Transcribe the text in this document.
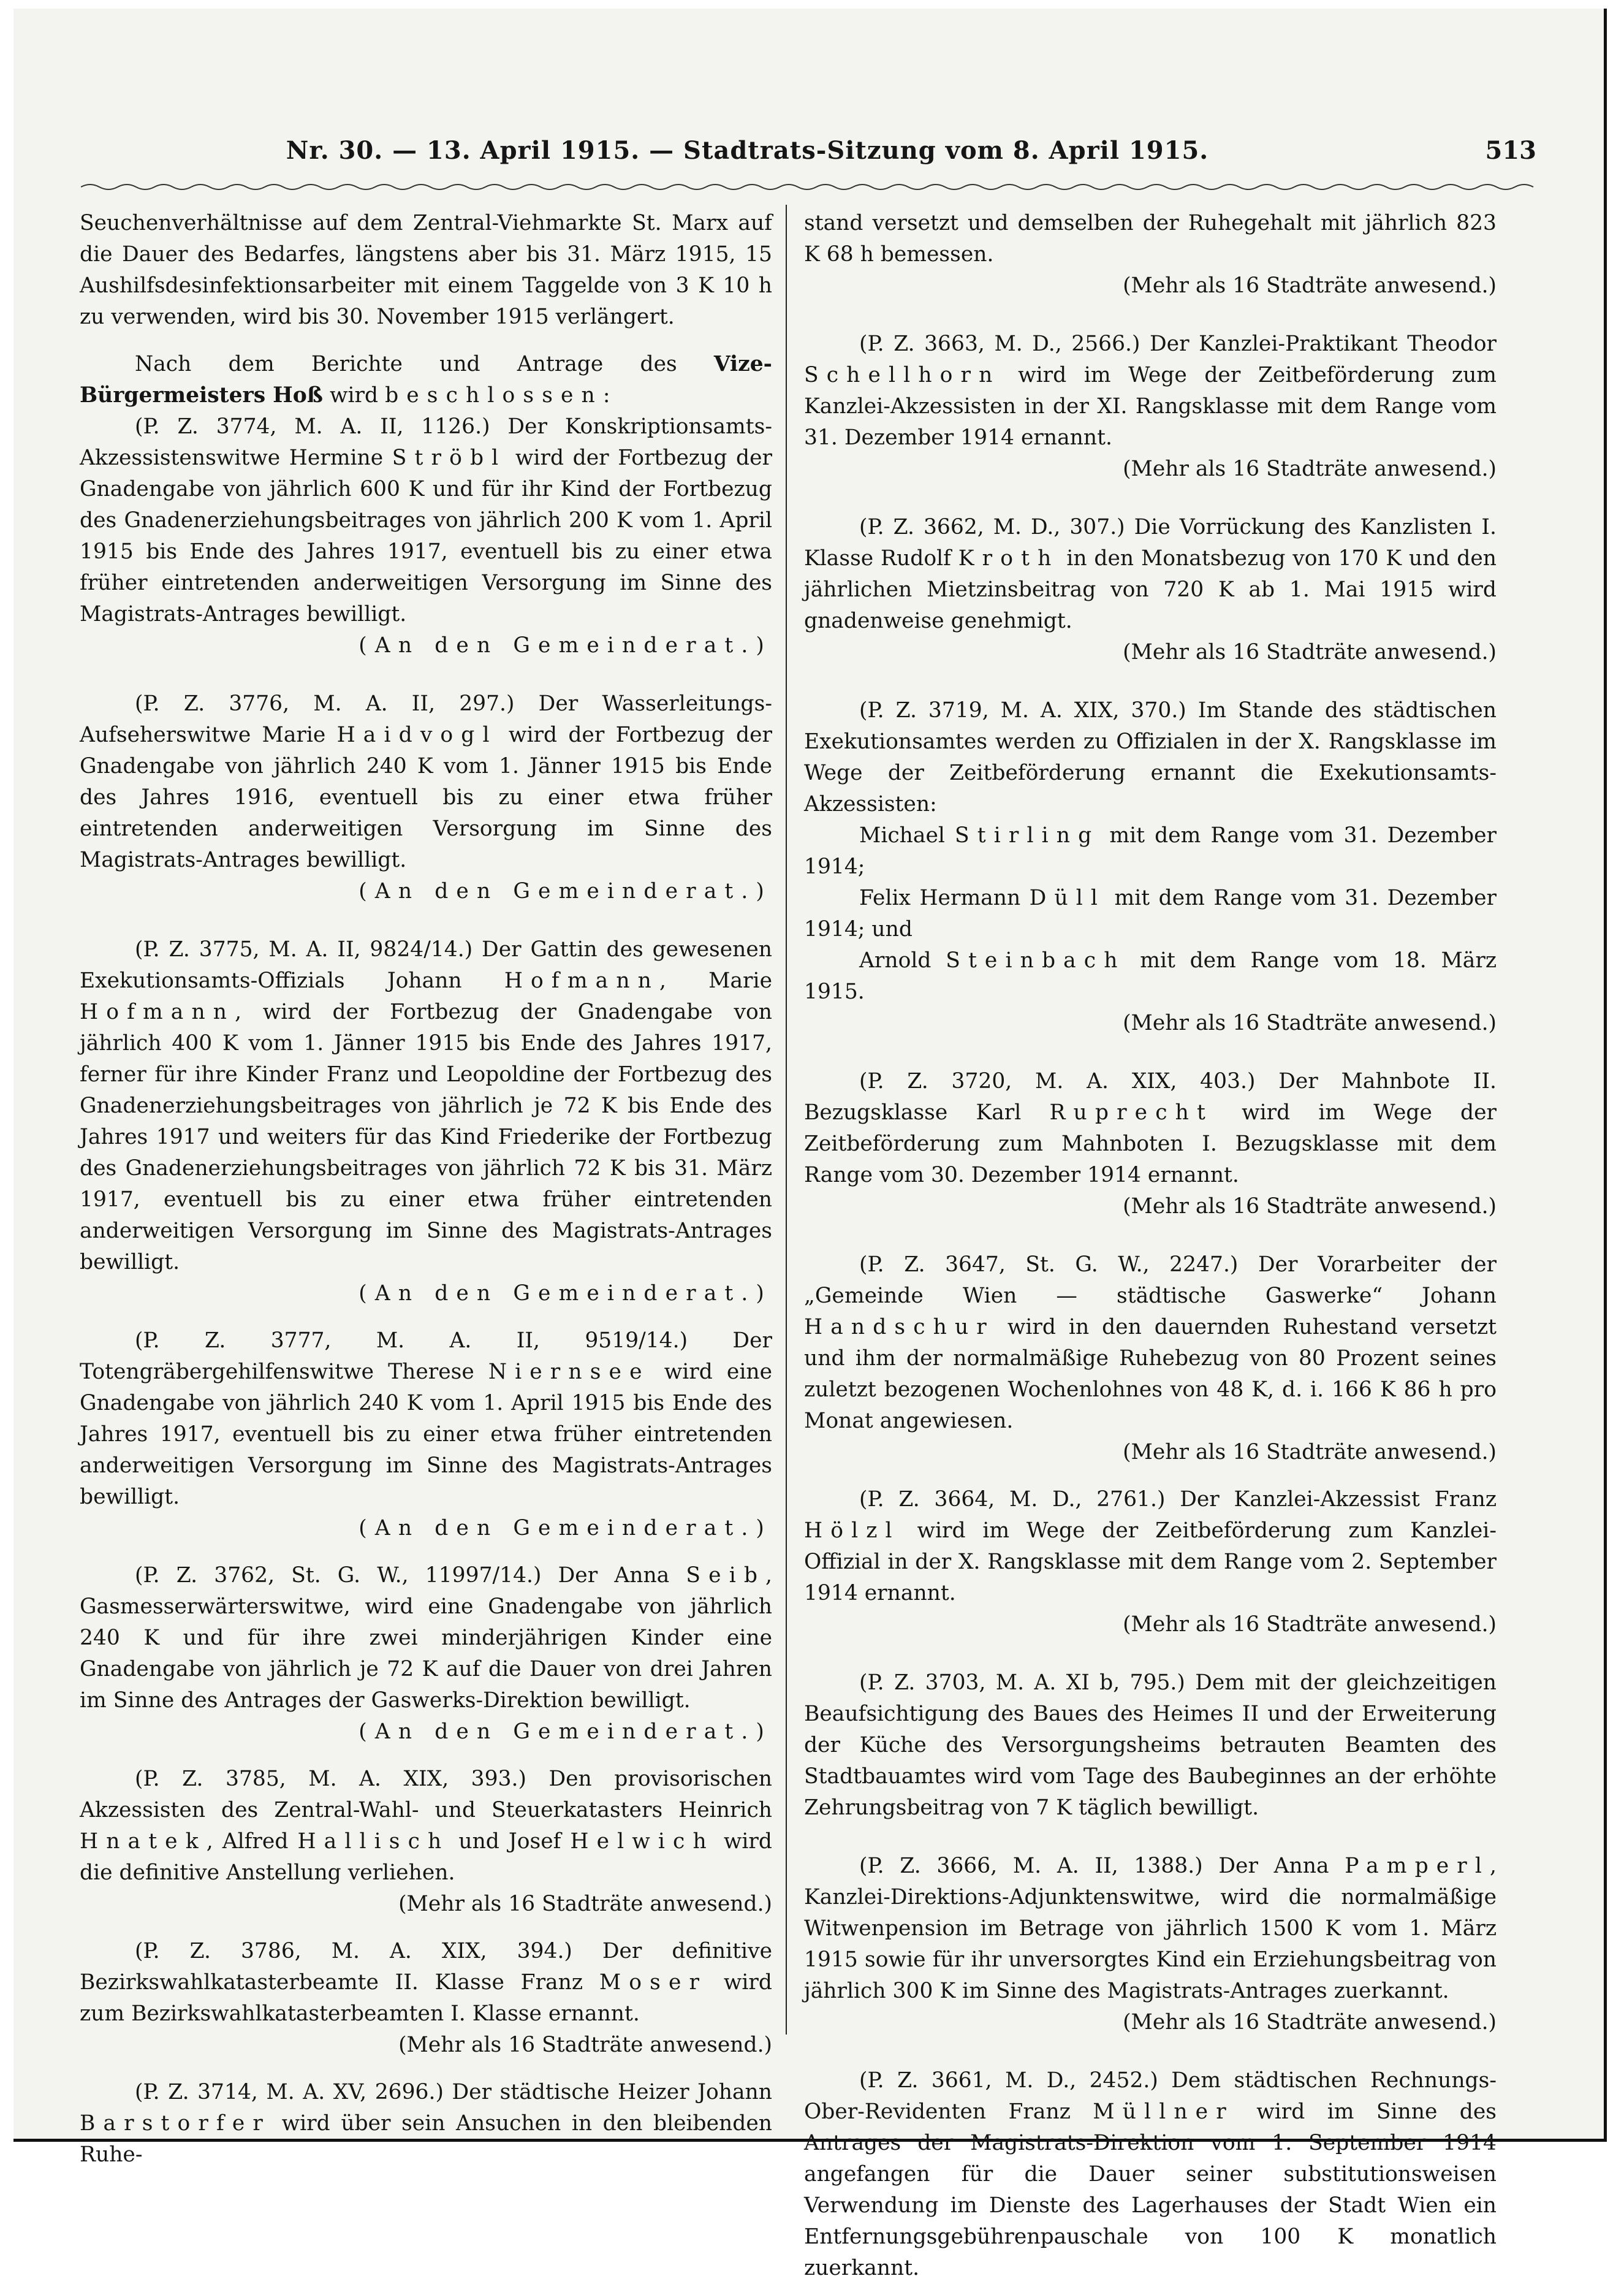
Nr. 30. — 13. April 1915. — Stadtrats-Sitzung vom 8. April 1915.	513

Seuchenverhältnisse auf dem Zentral-Viehmarkte St. Marx auf die Dauer des Bedarfes, längstens aber bis 31. März 1915, 15 Aushilfsdesinfektionsarbeiter mit einem Taggelde von 3 K 10 h zu verwenden, wird bis 30. November 1915 verlängert.

Nach dem Berichte und Antrage des Vize-Bürgermeisters Hoß wird beschlossen:

(P. Z. 3774, M. A. II, 1126.) Der Konskriptionsamts-Akzessistenswitwe Hermine Ströbl wird der Fortbezug der Gnadengabe von jährlich 600 K und für ihr Kind der Fortbezug des Gnadenerziehungsbeitrages von jährlich 200 K vom 1. April 1915 bis Ende des Jahres 1917, eventuell bis zu einer etwa früher eintretenden anderweitigen Versorgung im Sinne des Magistrats-Antrages bewilligt.

(An den Gemeinderat.)

(P. Z. 3776, M. A. II, 297.) Der Wasserleitungs-Aufseherswitwe Marie Haidvogl wird der Fortbezug der Gnadengabe von jährlich 240 K vom 1. Jänner 1915 bis Ende des Jahres 1916, eventuell bis zu einer etwa früher eintretenden anderweitigen Versorgung im Sinne des Magistrats-Antrages bewilligt.

(An den Gemeinderat.)

(P. Z. 3775, M. A. II, 9824/14.) Der Gattin des gewesenen Exekutionsamts-Offizials Johann Hofmann, Marie Hofmann, wird der Fortbezug der Gnadengabe von jährlich 400 K vom 1. Jänner 1915 bis Ende des Jahres 1917, ferner für ihre Kinder Franz und Leopoldine der Fortbezug des Gnadenerziehungsbeitrages von jährlich je 72 K bis Ende des Jahres 1917 und weiters für das Kind Friederike der Fortbezug des Gnadenerziehungsbeitrages von jährlich 72 K bis 31. März 1917, eventuell bis zu einer etwa früher eintretenden anderweitigen Versorgung im Sinne des Magistrats-Antrages bewilligt.

(An den Gemeinderat.)

(P. Z. 3777, M. A. II, 9519/14.) Der Totengräbergehilfenswitwe Therese Niernsee wird eine Gnadengabe von jährlich 240 K vom 1. April 1915 bis Ende des Jahres 1917, eventuell bis zu einer etwa früher eintretenden anderweitigen Versorgung im Sinne des Magistrats-Antrages bewilligt.

(An den Gemeinderat.)

(P. Z. 3762, St. G. W., 11997/14.) Der Anna Seib, Gasmesserwärterswitwe, wird eine Gnadengabe von jährlich 240 K und für ihre zwei minderjährigen Kinder eine Gnadengabe von jährlich je 72 K auf die Dauer von drei Jahren im Sinne des Antrages der Gaswerks-Direktion bewilligt.

(An den Gemeinderat.)

(P. Z. 3785, M. A. XIX, 393.) Den provisorischen Akzessisten des Zentral-Wahl- und Steuerkatasters Heinrich Hnatek, Alfred Hallisch und Josef Helwich wird die definitive Anstellung verliehen.

(Mehr als 16 Stadträte anwesend.)

(P. Z. 3786, M. A. XIX, 394.) Der definitive Bezirkswahlkatasterbeamte II. Klasse Franz Moser wird zum Bezirkswahlkatasterbeamten I. Klasse ernannt.

(Mehr als 16 Stadträte anwesend.)

(P. Z. 3714, M. A. XV, 2696.) Der städtische Heizer Johann Barstorfer wird über sein Ansuchen in den bleibenden Ruhe-

stand versetzt und demselben der Ruhegehalt mit jährlich 823 K 68 h bemessen.

(Mehr als 16 Stadträte anwesend.)

(P. Z. 3663, M. D., 2566.) Der Kanzlei-Praktikant Theodor Schellhorn wird im Wege der Zeitbeförderung zum Kanzlei-Akzessisten in der XI. Rangsklasse mit dem Range vom 31. Dezember 1914 ernannt.

(Mehr als 16 Stadträte anwesend.)

(P. Z. 3662, M. D., 307.) Die Vorrückung des Kanzlisten I. Klasse Rudolf Kroth in den Monatsbezug von 170 K und den jährlichen Mietzinsbeitrag von 720 K ab 1. Mai 1915 wird gnadenweise genehmigt.

(Mehr als 16 Stadträte anwesend.)

(P. Z. 3719, M. A. XIX, 370.) Im Stande des städtischen Exekutionsamtes werden zu Offizialen in der X. Rangsklasse im Wege der Zeitbeförderung ernannt die Exekutionsamts-Akzessisten:

Michael Stirling mit dem Range vom 31. Dezember 1914;

Felix Hermann Düll mit dem Range vom 31. Dezember 1914; und

Arnold Steinbach mit dem Range vom 18. März 1915.

(Mehr als 16 Stadträte anwesend.)

(P. Z. 3720, M. A. XIX, 403.) Der Mahnbote II. Bezugsklasse Karl Ruprecht wird im Wege der Zeitbeförderung zum Mahnboten I. Bezugsklasse mit dem Range vom 30. Dezember 1914 ernannt.

(Mehr als 16 Stadträte anwesend.)

(P. Z. 3647, St. G. W., 2247.) Der Vorarbeiter der „Gemeinde Wien — städtische Gaswerke“ Johann Handschur wird in den dauernden Ruhestand versetzt und ihm der normalmäßige Ruhebezug von 80 Prozent seines zuletzt bezogenen Wochenlohnes von 48 K, d. i. 166 K 86 h pro Monat angewiesen.

(Mehr als 16 Stadträte anwesend.)

(P. Z. 3664, M. D., 2761.) Der Kanzlei-Akzessist Franz Hölzl wird im Wege der Zeitbeförderung zum Kanzlei-Offizial in der X. Rangsklasse mit dem Range vom 2. September 1914 ernannt.

(Mehr als 16 Stadträte anwesend.)

(P. Z. 3703, M. A. XI b, 795.) Dem mit der gleichzeitigen Beaufsichtigung des Baues des Heimes II und der Erweiterung der Küche des Versorgungsheims betrauten Beamten des Stadtbauamtes wird vom Tage des Baubeginnes an der erhöhte Zehrungsbeitrag von 7 K täglich bewilligt.

(P. Z. 3666, M. A. II, 1388.) Der Anna Pamperl, Kanzlei-Direktions-Adjunktenswitwe, wird die normalmäßige Witwenpension im Betrage von jährlich 1500 K vom 1. März 1915 sowie für ihr unversorgtes Kind ein Erziehungsbeitrag von jährlich 300 K im Sinne des Magistrats-Antrages zuerkannt.

(Mehr als 16 Stadträte anwesend.)

(P. Z. 3661, M. D., 2452.) Dem städtischen Rechnungs-Ober-Revidenten Franz Müllner wird im Sinne des Antrages der Magistrats-Direktion vom 1. September 1914 angefangen für die Dauer seiner substitutionsweisen Verwendung im Dienste des Lagerhauses der Stadt Wien ein Entfernungsgebührenpauschale von 100 K monatlich zuerkannt.
